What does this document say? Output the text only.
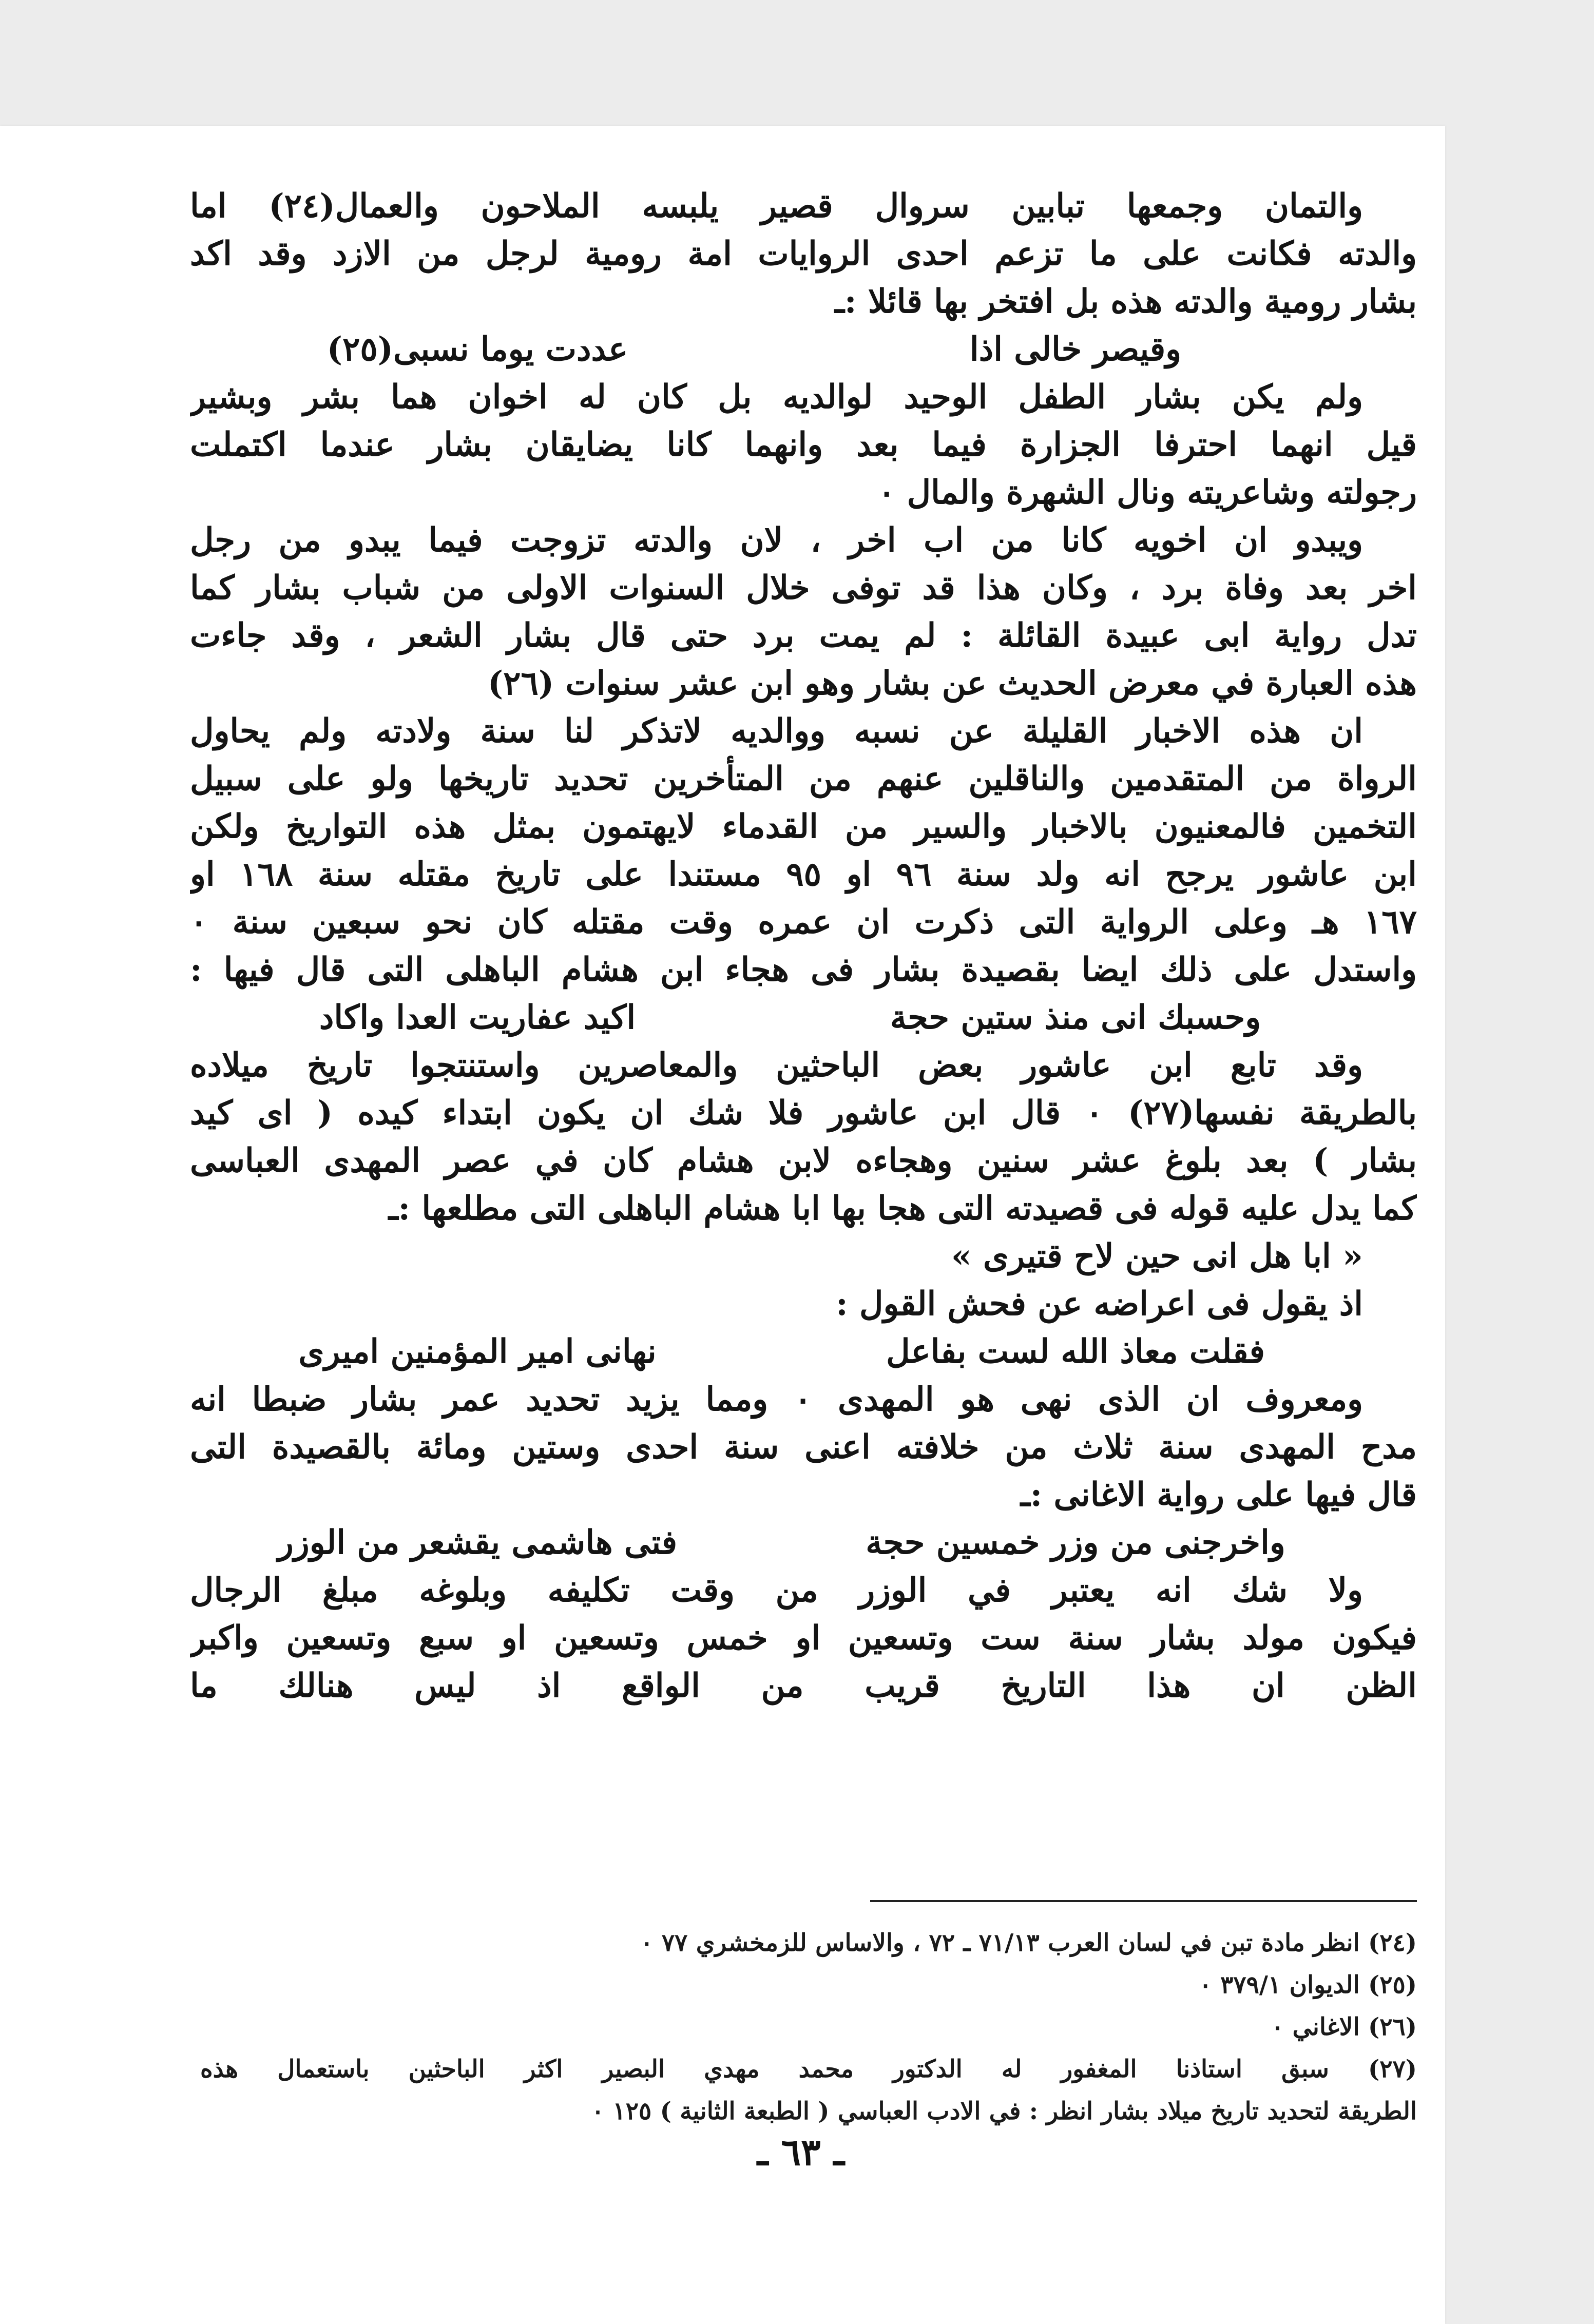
والتمان وجمعها تبابين سروال قصير يلبسه الملاحون والعمال(٢٤) اما
والدته فكانت على ما تزعم احدى الروايات امة رومية لرجل من الازد وقد اكد
بشار رومية والدته هذه بل افتخر بها قائلا :ـ
وقيصر خالى اذا
عددت يوما نسبى(٢٥)
ولم يكن بشار الطفل الوحيد لوالديه بل كان له اخوان هما بشر وبشير
قيل انهما احترفا الجزارة فيما بعد وانهما كانا يضايقان بشار عندما اكتملت
رجولته وشاعريته ونال الشهرة والمال ٠
ويبدو ان اخويه كانا من اب اخر ، لان والدته تزوجت فيما يبدو من رجل
اخر بعد وفاة برد ، وكان هذا قد توفى خلال السنوات الاولى من شباب بشار كما
تدل رواية ابى عبيدة القائلة : لم يمت برد حتى قال بشار الشعر ، وقد جاءت
هذه العبارة في معرض الحديث عن بشار وهو ابن عشر سنوات (٢٦)
ان هذه الاخبار القليلة عن نسبه ووالديه لاتذكر لنا سنة ولادته ولم يحاول
الرواة من المتقدمين والناقلين عنهم من المتأخرين تحديد تاريخها ولو على سبيل
التخمين فالمعنيون بالاخبار والسير من القدماء لايهتمون بمثل هذه التواريخ ولكن
ابن عاشور يرجح انه ولد سنة ٩٦ او ٩٥ مستندا على تاريخ مقتله سنة ١٦٨ او
١٦٧ هـ وعلى الرواية التى ذكرت ان عمره وقت مقتله كان نحو سبعين سنة ٠
واستدل على ذلك ايضا بقصيدة بشار فى هجاء ابن هشام الباهلى التى قال فيها :
وحسبك انى منذ ستين حجة
اكيد عفاريت العدا واكاد
وقد تابع ابن عاشور بعض الباحثين والمعاصرين واستنتجوا تاريخ ميلاده
بالطريقة نفسها(٢٧) ٠ قال ابن عاشور فلا شك ان يكون ابتداء كيده ( اى كيد
بشار ) بعد بلوغ عشر سنين وهجاءه لابن هشام كان في عصر المهدى العباسى
كما يدل عليه قوله فى قصيدته التى هجا بها ابا هشام الباهلى التى مطلعها :ـ
« ابا هل انى حين لاح قتيرى »
اذ يقول فى اعراضه عن فحش القول :
فقلت معاذ الله لست بفاعل
نهانى امير المؤمنين اميرى
ومعروف ان الذى نهى هو المهدى ٠ ومما يزيد تحديد عمر بشار ضبطا انه
مدح المهدى سنة ثلاث من خلافته اعنى سنة احدى وستين ومائة بالقصيدة التى
قال فيها على رواية الاغانى :ـ
واخرجنى من وزر خمسين حجة
فتى هاشمى يقشعر من الوزر
ولا شك انه يعتبر في الوزر من وقت تكليفه وبلوغه مبلغ الرجال
فيكون مولد بشار سنة ست وتسعين او خمس وتسعين او سبع وتسعين واكبر
الظن ان هذا التاريخ قريب من الواقع اذ ليس هنالك ما
(٢٤) انظر مادة تبن في لسان العرب ٧١/١٣ ـ ٧٢ ، والاساس للزمخشري ٧٧ ٠
(٢٥) الديوان ٣٧٩/١ ٠
(٢٦) الاغاني ٠
(٢٧) سبق استاذنا المغفور له الدكتور محمد مهدي البصير اكثر الباحثين باستعمال هذه
الطريقة لتحديد تاريخ ميلاد بشار انظر : في الادب العباسي ( الطبعة الثانية ) ١٢٥ ٠
ـ ٦٣ ـ
